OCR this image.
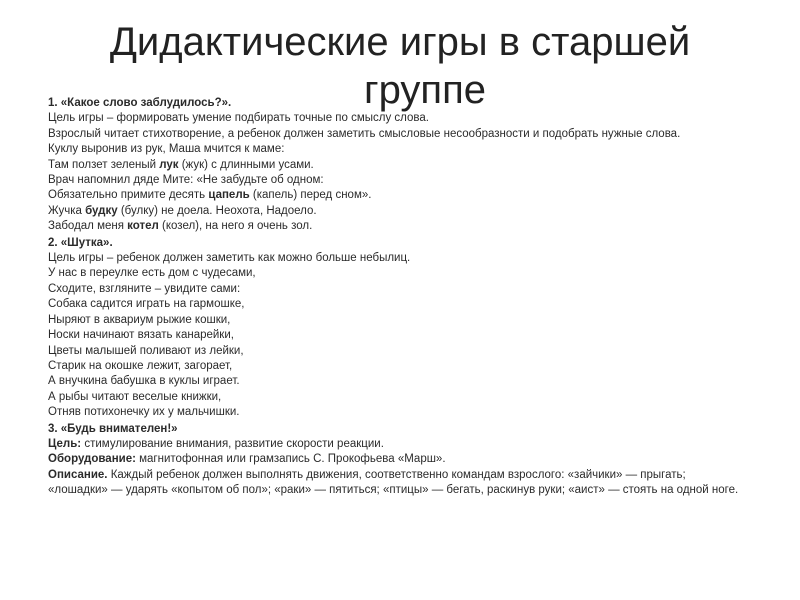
Дидактические игры в старшей
группе
1. «Какое слово заблудилось?».
Цель игры – формировать умение подбирать точные по смыслу слова.
Взрослый читает стихотворение, а ребенок должен заметить смысловые несообразности и подобрать нужные слова.
Куклу выронив из рук, Маша мчится к маме:
Там ползет зеленый лук (жук) с длинными усами.
Врач напомнил дяде Мите: «Не забудьте об одном:
Обязательно примите десять цапель (капель) перед сном».
Жучка будку (булку) не доела. Неохота, Надоело.
Забодал меня котел (козел), на него я очень зол.
2. «Шутка».
Цель игры – ребенок должен заметить как можно больше небылиц.
У нас в переулке есть дом с чудесами,
Сходите, взгляните – увидите сами:
Собака садится играть на гармошке,
Ныряют в аквариум рыжие кошки,
Носки начинают вязать канарейки,
Цветы малышей поливают из лейки,
Старик на окошке лежит, загорает,
А внучкина бабушка в куклы играет.
А рыбы читают веселые книжки,
Отняв потихонечку их у мальчишки.
3. «Будь внимателен!»
Цель: стимулирование внимания, развитие скорости реакции.
Оборудование: магнитофонная или грамзапись С. Прокофьева «Марш».
Описание. Каждый ребенок должен выполнять движения, соответственно командам взрослого: «зайчики» — прыгать; «лошадки» — ударять «копытом об пол»; «раки» — пятиться; «птицы» — бегать, раскинув руки; «аист» — стоять на одной ноге.
